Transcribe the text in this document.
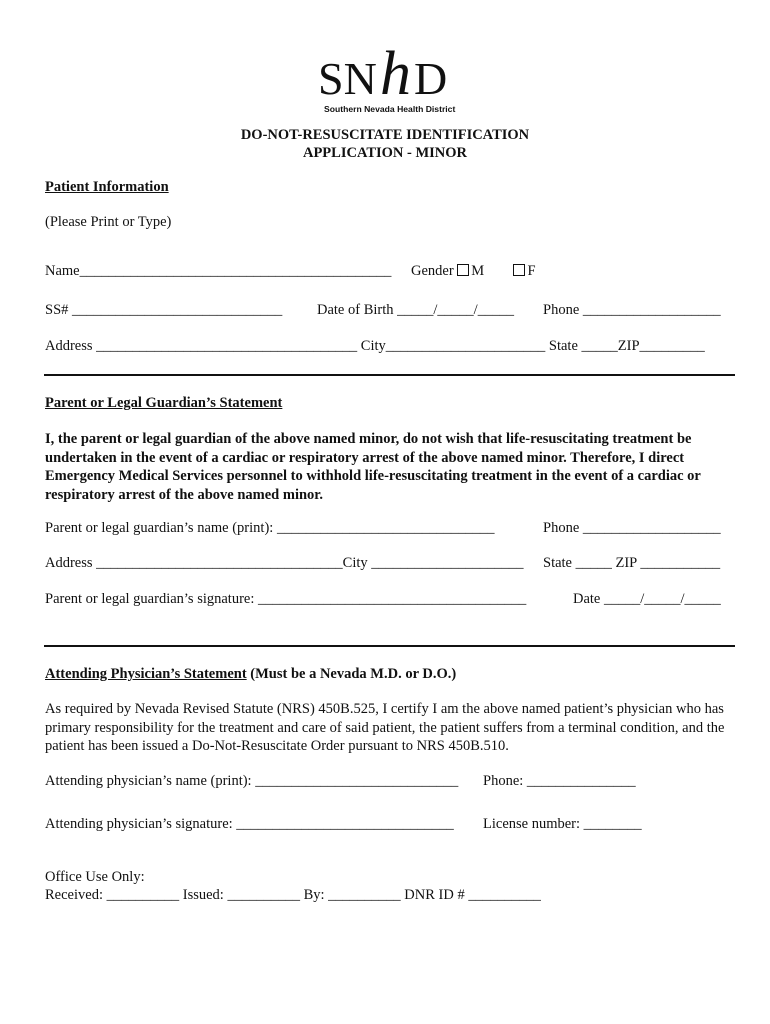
SN h D
Southern Nevada Health District
DO-NOT-RESUSCITATE IDENTIFICATION
APPLICATION - MINOR
Patient Information
(Please Print or Type)
Name___________________________________________ Gender M	F
SS# _____________________________ Date of Birth _____/_____/_____ Phone ___________________
Address ____________________________________ City______________________ State _____ZIP_________
Parent or Legal Guardian’s Statement
I, the parent or legal guardian of the above named minor, do not wish that life-resuscitating treatment be undertaken in the event of a cardiac or respiratory arrest of the above named minor. Therefore, I direct Emergency Medical Services personnel to withhold life-resuscitating treatment in the event of a cardiac or respiratory arrest of the above named minor.
Parent or legal guardian’s name (print): ______________________________	Phone ___________________
Address __________________________________City _____________________ State _____ ZIP ___________
Parent or legal guardian’s signature: _____________________________________	Date _____/_____/_____
Attending Physician’s Statement (Must be a Nevada M.D. or D.O.)
As required by Nevada Revised Statute (NRS) 450B.525, I certify I am the above named patient’s physician who has primary responsibility for the treatment and care of said patient, the patient suffers from a terminal condition, and the patient has been issued a Do-Not-Resuscitate Order pursuant to NRS 450B.510.
Attending physician’s name (print): ____________________________ Phone: _______________
Attending physician’s signature: ______________________________ License number: ________
Office Use Only:
Received: __________ Issued: __________ By: __________ DNR ID # __________
